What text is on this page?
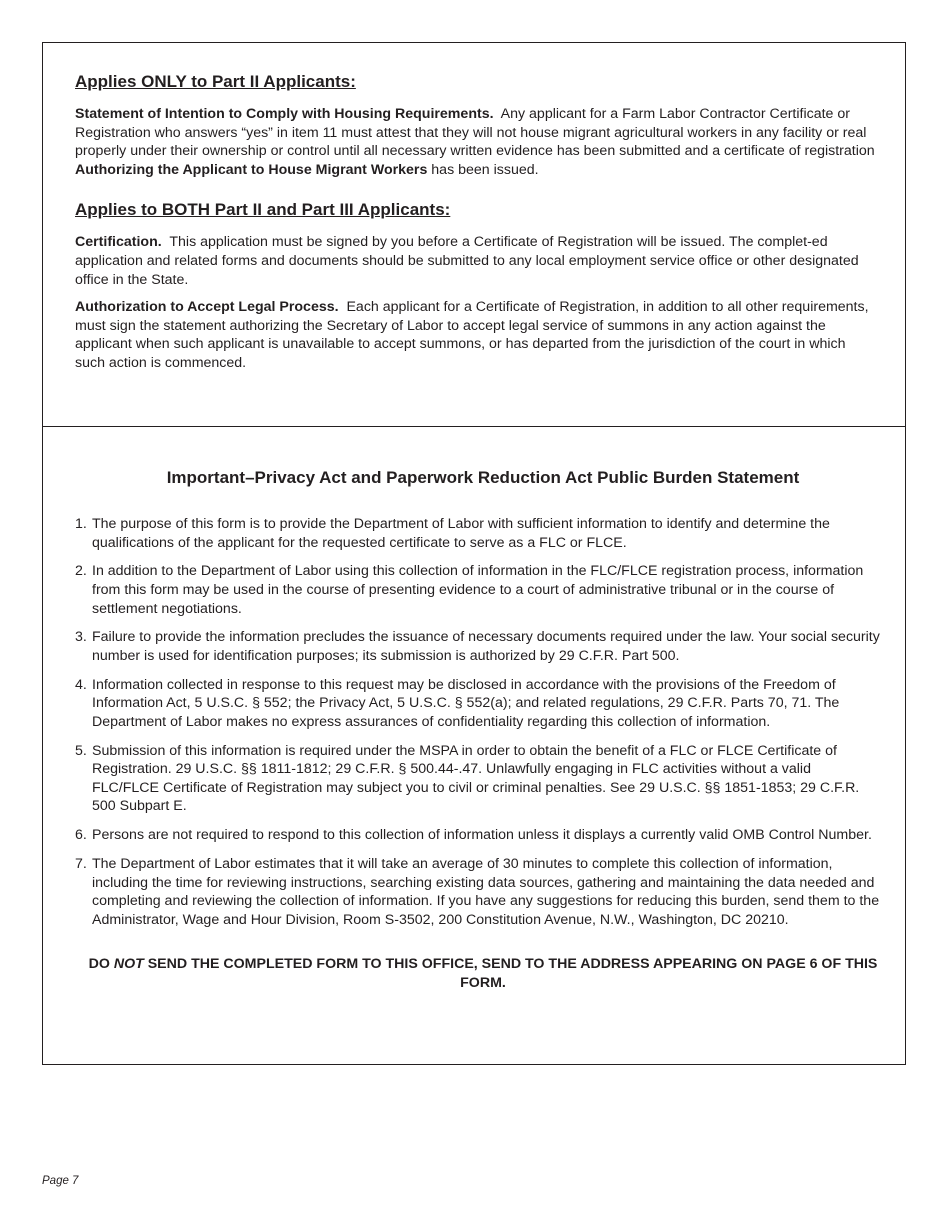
Applies ONLY to Part II Applicants:

Statement of Intention to Comply with Housing Requirements. Any applicant for a Farm Labor Contractor Certificate or Registration who answers “yes” in item 11 must attest that they will not house migrant agricultural workers in any facility or real properly under their ownership or control until all necessary written evidence has been submitted and a certificate of registration Authorizing the Applicant to House Migrant Workers has been issued.

Applies to BOTH Part II and Part III Applicants:

Certification. This application must be signed by you before a Certificate of Registration will be issued. The complet-ed application and related forms and documents should be submitted to any local employment service office or other designated office in the State.

Authorization to Accept Legal Process. Each applicant for a Certificate of Registration, in addition to all other requirements, must sign the statement authorizing the Secretary of Labor to accept legal service of summons in any action against the applicant when such applicant is unavailable to accept summons, or has departed from the jurisdiction of the court in which such action is commenced.

Important–Privacy Act and Paperwork Reduction Act Public Burden Statement
1. The purpose of this form is to provide the Department of Labor with sufficient information to identify and determine the qualifications of the applicant for the requested certificate to serve as a FLC or FLCE.
2. In addition to the Department of Labor using this collection of information in the FLC/FLCE registration process, information from this form may be used in the course of presenting evidence to a court of administrative tribunal or in the course of settlement negotiations.
3. Failure to provide the information precludes the issuance of necessary documents required under the law. Your social security number is used for identification purposes; its submission is authorized by 29 C.F.R. Part 500.
4. Information collected in response to this request may be disclosed in accordance with the provisions of the Freedom of Information Act, 5 U.S.C. § 552; the Privacy Act, 5 U.S.C. § 552(a); and related regulations, 29 C.F.R. Parts 70, 71. The Department of Labor makes no express assurances of confidentiality regarding this collection of information.
5. Submission of this information is required under the MSPA in order to obtain the benefit of a FLC or FLCE Certificate of Registration. 29 U.S.C. §§ 1811-1812; 29 C.F.R. § 500.44-.47. Unlawfully engaging in FLC activities without a valid FLC/FLCE Certificate of Registration may subject you to civil or criminal penalties. See 29 U.S.C. §§ 1851-1853; 29 C.F.R. 500 Subpart E.
6. Persons are not required to respond to this collection of information unless it displays a currently valid OMB Control Number.
7. The Department of Labor estimates that it will take an average of 30 minutes to complete this collection of information, including the time for reviewing instructions, searching existing data sources, gathering and maintaining the data needed and completing and reviewing the collection of information. If you have any suggestions for reducing this burden, send them to the Administrator, Wage and Hour Division, Room S-3502, 200 Constitution Avenue, N.W., Washington, DC 20210.
DO NOT SEND THE COMPLETED FORM TO THIS OFFICE, SEND TO THE ADDRESS APPEARING ON PAGE 6 OF THIS FORM.
Page 7
